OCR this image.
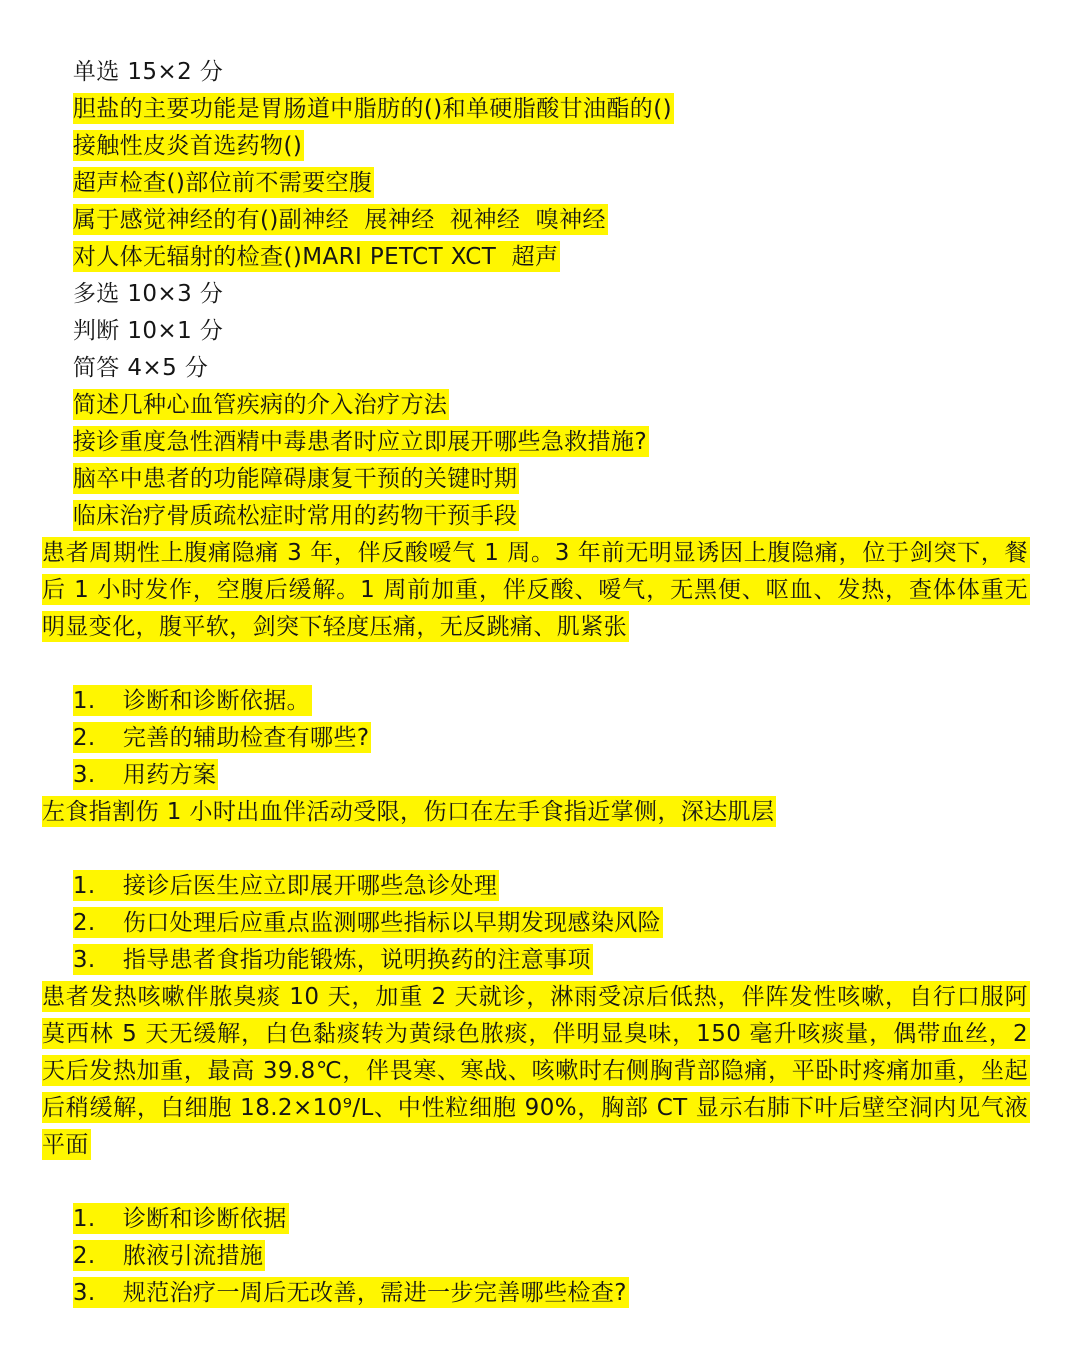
单选 15×2 分

胆盐的主要功能是胃肠道中脂肪的()和单硬脂酸甘油酯的()

接触性皮炎首选药物()

超声检查()部位前不需要空腹

属于感觉神经的有()副神经  展神经  视神经  嗅神经

对人体无辐射的检查()MARI PETCT XCT  超声

多选 10×3 分

判断 10×1 分

简答 4×5 分

简述几种心血管疾病的介入治疗方法

接诊重度急性酒精中毒患者时应立即展开哪些急救措施?

脑卒中患者的功能障碍康复干预的关键时期

临床治疗骨质疏松症时常用的药物干预手段

患者周期性上腹痛隐痛 3 年，伴反酸嗳气 1 周。3 年前无明显诱因上腹隐痛，位于剑突下，餐后 1 小时发作，空腹后缓解。1 周前加重，伴反酸、嗳气，无黑便、呕血、发热，查体体重无明显变化，腹平软，剑突下轻度压痛，无反跳痛、肌紧张

1. 诊断和诊断依据。

2. 完善的辅助检查有哪些?

3. 用药方案

左食指割伤 1 小时出血伴活动受限，伤口在左手食指近掌侧，深达肌层

1. 接诊后医生应立即展开哪些急诊处理

2. 伤口处理后应重点监测哪些指标以早期发现感染风险

3. 指导患者食指功能锻炼，说明换药的注意事项

患者发热咳嗽伴脓臭痰 10 天，加重 2 天就诊，淋雨受凉后低热，伴阵发性咳嗽，自行口服阿莫西林 5 天无缓解，白色黏痰转为黄绿色脓痰，伴明显臭味，150 毫升咳痰量，偶带血丝，2 天后发热加重，最高 39.8℃，伴畏寒、寒战、咳嗽时右侧胸背部隐痛，平卧时疼痛加重，坐起后稍缓解，白细胞 18.2×10⁹/L、中性粒细胞 90%，胸部 CT 显示右肺下叶后壁空洞内见气液平面

1. 诊断和诊断依据

2. 脓液引流措施

3. 规范治疗一周后无改善，需进一步完善哪些检查?
